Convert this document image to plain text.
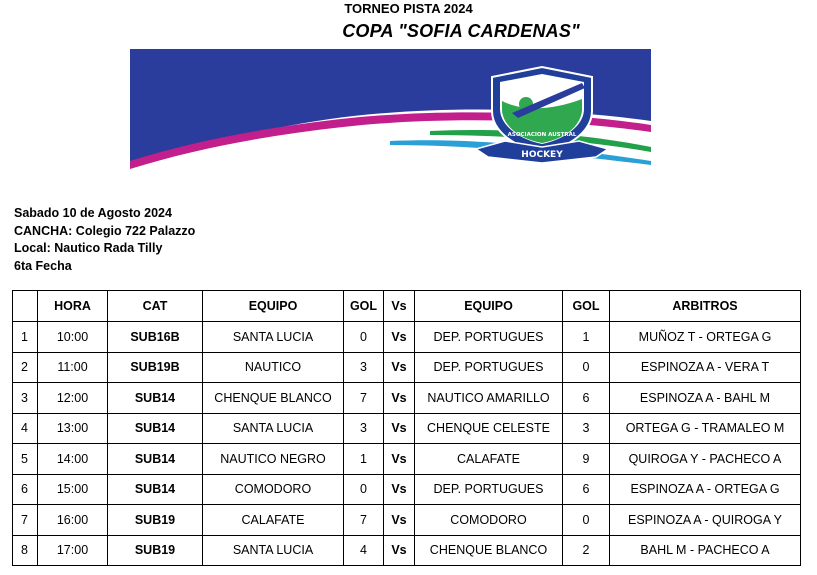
TORNEO PISTA 2024
COPA "SOFIA CARDENAS"
ASOCIACION AUSTRAL
HOCKEY
Sabado 10 de Agosto 2024
CANCHA: Colegio 722 Palazzo
Local: Nautico Rada Tilly
6ta Fecha
	HORA	CAT	EQUIPO	GOL	Vs	EQUIPO	GOL	ARBITROS
1	10:00	SUB16B	SANTA LUCIA	0	Vs	DEP. PORTUGUES	1	MUÑOZ T - ORTEGA G
2	11:00	SUB19B	NAUTICO	3	Vs	DEP. PORTUGUES	0	ESPINOZA A - VERA T
3	12:00	SUB14	CHENQUE BLANCO	7	Vs	NAUTICO AMARILLO	6	ESPINOZA A - BAHL M
4	13:00	SUB14	SANTA LUCIA	3	Vs	CHENQUE CELESTE	3	ORTEGA G - TRAMALEO M
5	14:00	SUB14	NAUTICO NEGRO	1	Vs	CALAFATE	9	QUIROGA Y - PACHECO A
6	15:00	SUB14	COMODORO	0	Vs	DEP. PORTUGUES	6	ESPINOZA A - ORTEGA G
7	16:00	SUB19	CALAFATE	7	Vs	COMODORO	0	ESPINOZA A - QUIROGA Y
8	17:00	SUB19	SANTA LUCIA	4	Vs	CHENQUE BLANCO	2	BAHL M - PACHECO A
